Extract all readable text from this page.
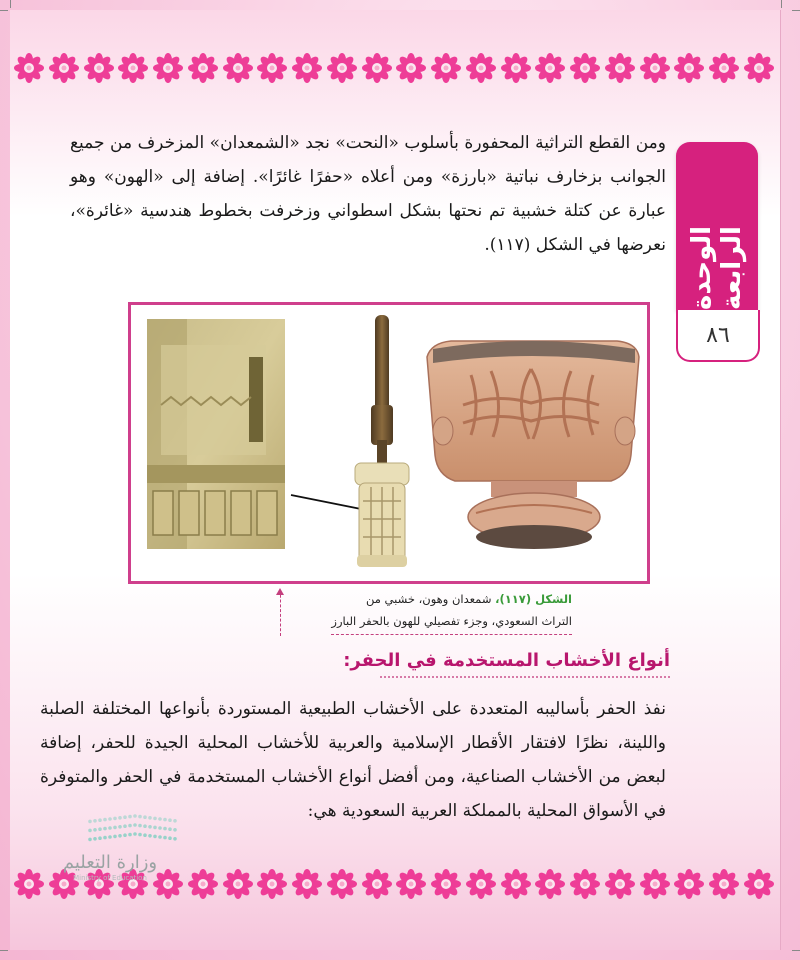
الوحدة الرابعة
٨٦
ومن القطع التراثية المحفورة بأسلوب «النحت» نجد «الشمعدان» المزخرف من جميع الجوانب بزخارف نباتية «بارزة» ومن أعلاه «حفرًا غائرًا». إضافة إلى «الهون» وهو عبارة عن كتلة خشبية تم نحتها بشكل اسطواني وزخرفت بخطوط هندسية «غائرة»، نعرضها في الشكل (١١٧).
الشكل (١١٧)، شمعدان وهون، خشبي من
التراث السعودي، وجزء تفصيلي للهون بالحفر البارز
أنواع الأخشاب المستخدمة في الحفر:
نفذ الحفر بأساليبه المتعددة على الأخشاب الطبيعية المستوردة بأنواعها المختلفة الصلبة واللينة، نظرًا لافتقار الأقطار الإسلامية والعربية للأخشاب المحلية الجيدة للحفر، إضافة لبعض من الأخشاب الصناعية، ومن أفضل أنواع الأخشاب المستخدمة في الحفر والمتوفرة في الأسواق المحلية بالمملكة العربية السعودية هي:
وزارة التعليم
Ministry of Education
